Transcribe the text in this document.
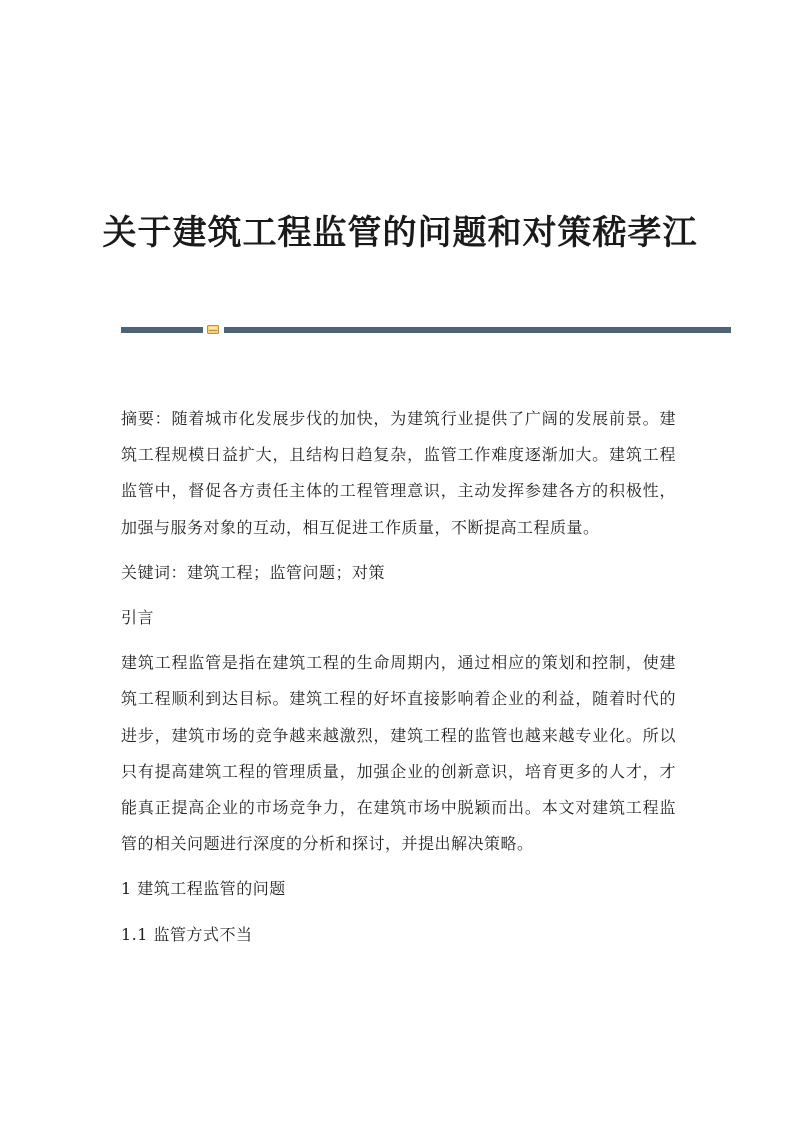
关于建筑工程监管的问题和对策嵇孝江

摘要：随着城市化发展步伐的加快，为建筑行业提供了广阔的发展前景。建筑工程规模日益扩大，且结构日趋复杂，监管工作难度逐渐加大。建筑工程监管中，督促各方责任主体的工程管理意识，主动发挥参建各方的积极性，加强与服务对象的互动，相互促进工作质量，不断提高工程质量。

关键词：建筑工程；监管问题；对策

引言

建筑工程监管是指在建筑工程的生命周期内，通过相应的策划和控制，使建筑工程顺利到达目标。建筑工程的好坏直接影响着企业的利益，随着时代的进步，建筑市场的竞争越来越激烈，建筑工程的监管也越来越专业化。所以只有提高建筑工程的管理质量，加强企业的创新意识，培育更多的人才，才能真正提高企业的市场竞争力，在建筑市场中脱颖而出。本文对建筑工程监管的相关问题进行深度的分析和探讨，并提出解决策略。

1 建筑工程监管的问题

1.1 监管方式不当
